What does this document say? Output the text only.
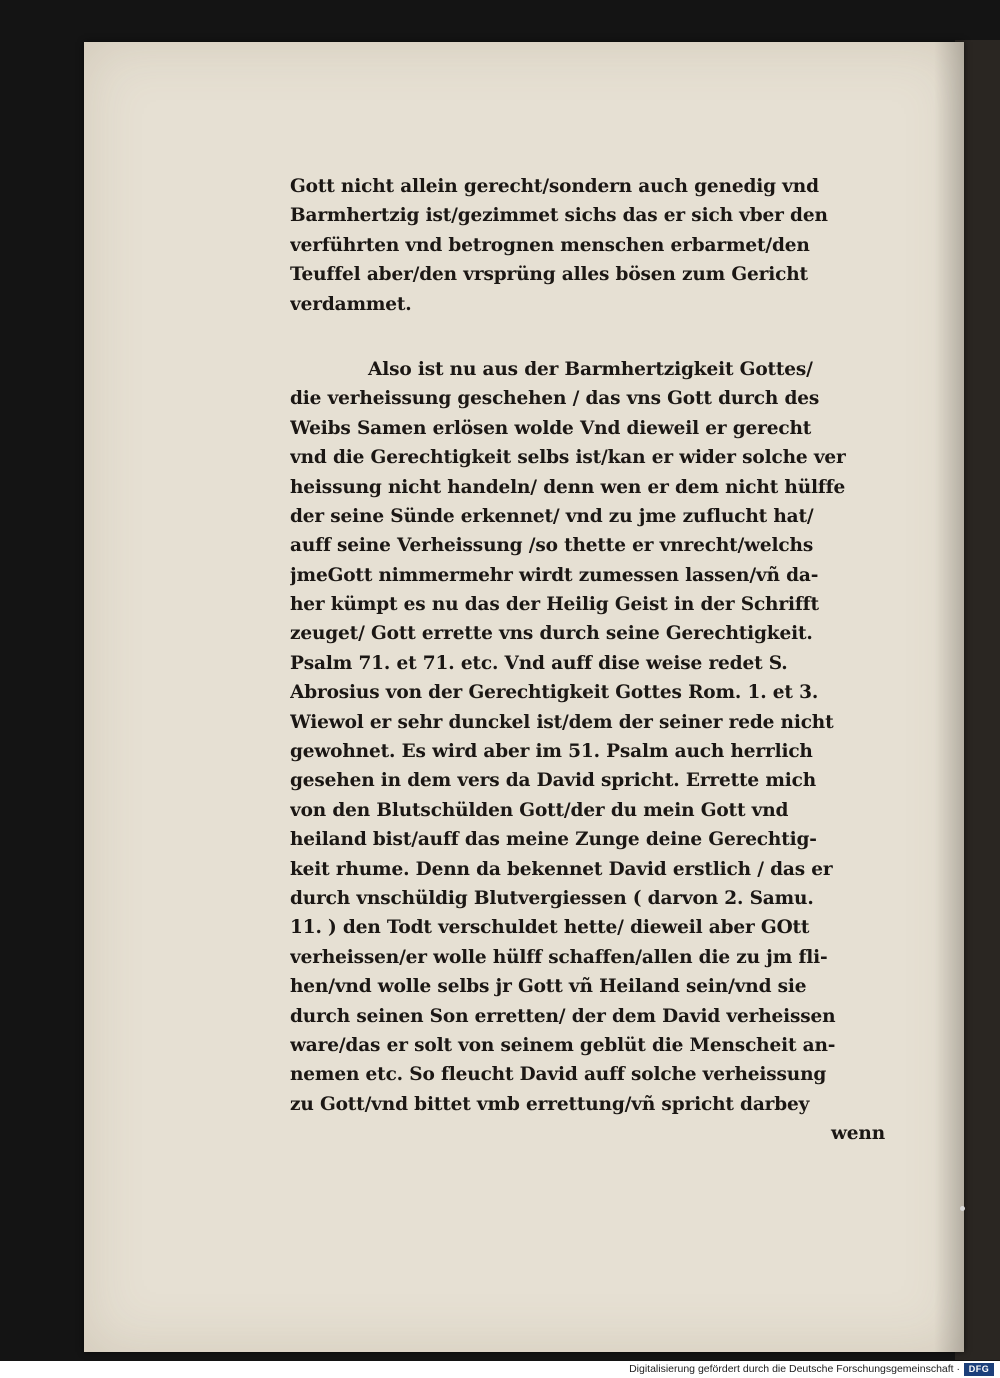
Gott nicht allein gerecht/sondern auch genedig vnd
Barmhertzig ist/gezimmet sichs das er sich vber den
verführten vnd betrognen menschen erbarmet/den
Teuffel aber/den vrsprüng alles bösen zum Gericht
verdammet.
Also ist nu aus der Barmhertzigkeit Gottes/
die verheissung geschehen / das vns Gott durch des
Weibs Samen erlösen wolde Vnd dieweil er gerecht
vnd die Gerechtigkeit selbs ist/kan er wider solche ver
heissung nicht handeln/ denn wen er dem nicht hülffe
der seine Sünde erkennet/ vnd zu jme zuflucht hat/
auff seine Verheissung /so thette er vnrecht/welchs
jmeGott nimmermehr wirdt zumessen lassen/vñ da-
her kümpt es nu das der Heilig Geist in der Schrifft
zeuget/ Gott errette vns durch seine Gerechtigkeit.
Psalm 71. et 71. etc. Vnd auff dise weise redet S.
Abrosius von der Gerechtigkeit Gottes Rom. 1. et 3.
Wiewol er sehr dunckel ist/dem der seiner rede nicht
gewohnet. Es wird aber im 51. Psalm auch herrlich
gesehen in dem vers da David spricht. Errette mich
von den Blutschülden Gott/der du mein Gott vnd
heiland bist/auff das meine Zunge deine Gerechtig-
keit rhume. Denn da bekennet David erstlich / das er
durch vnschüldig Blutvergiessen ( darvon 2. Samu.
11. ) den Todt verschuldet hette/ dieweil aber GOtt
verheissen/er wolle hülff schaffen/allen die zu jm fli-
hen/vnd wolle selbs jr Gott vñ Heiland sein/vnd sie
durch seinen Son erretten/ der dem David verheissen
ware/das er solt von seinem geblüt die Menscheit an-
nemen etc. So fleucht David auff solche verheissung
zu Gott/vnd bittet vmb errettung/vñ spricht darbey
wenn
Digitalisierung gefördert durch die Deutsche Forschungsgemeinschaft · DFG
